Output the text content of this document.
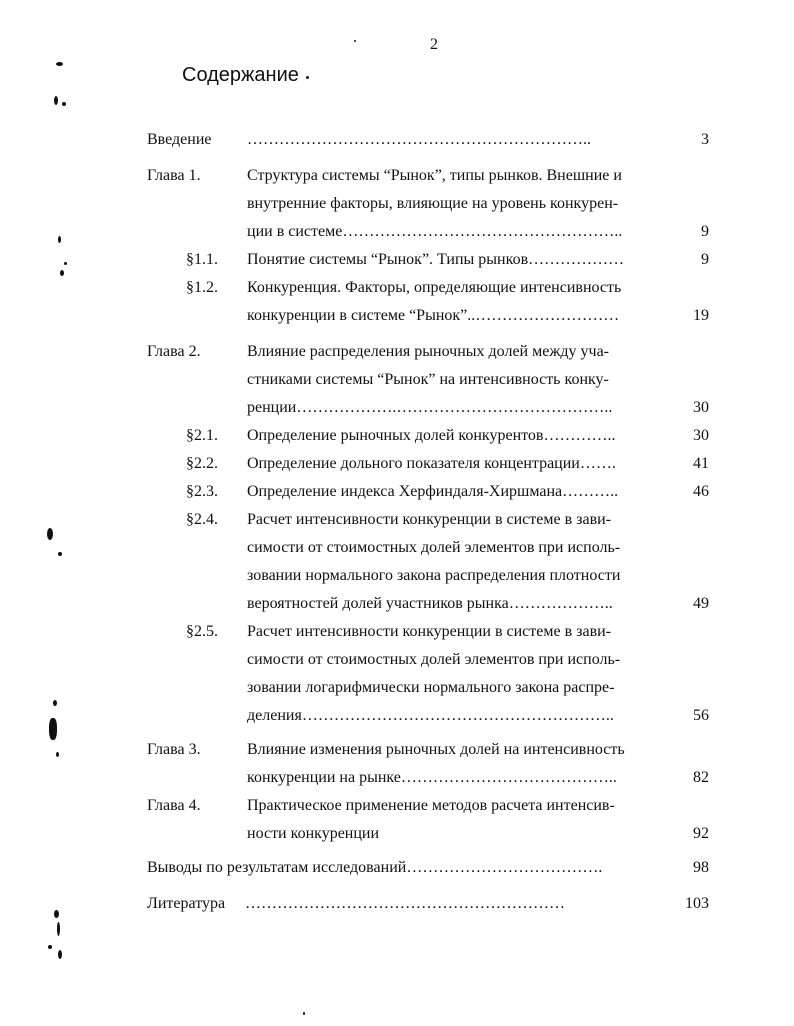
2
Содержание
Введение ………………………………………………………..	3
Глава 1.	Структура системы “Рынок”, типы рынков. Внешние и
внутренние факторы, влияющие на уровень конкурен-
ции в системе……………………………………………..	9
§1.1. Понятие системы “Рынок”. Типы рынков………………	9
§1.2. Конкуренция. Факторы, определяющие интенсивность
конкуренции в системе “Рынок”..………………………	19
Глава 2.	Влияние распределения рыночных долей между уча-
стниками системы “Рынок” на интенсивность конку-
ренции……………….…………………………………..	30
§2.1. Определение рыночных долей конкурентов…………..	30
§2.2. Определение дольного показателя концентрации…….	41
§2.3. Определение индекса Херфиндаля-Хиршмана………..	46
§2.4. Расчет интенсивности конкуренции в системе в зави-
симости от стоимостных долей элементов при исполь-
зовании нормального закона распределения плотности
вероятностей долей участников рынка………………..	49
§2.5. Расчет интенсивности конкуренции в системе в зави-
симости от стоимостных долей элементов при исполь-
зовании логарифмически нормального закона распре-
деления…………………………………………………..	56
Глава 3.	Влияние изменения рыночных долей на интенсивность
конкуренции на рынке…………………………………..	82
Глава 4.	Практическое применение методов расчета интенсив-
ности конкуренции	92
Выводы по результатам исследований……………………………….	98
Литература ……………………………………………………	103
